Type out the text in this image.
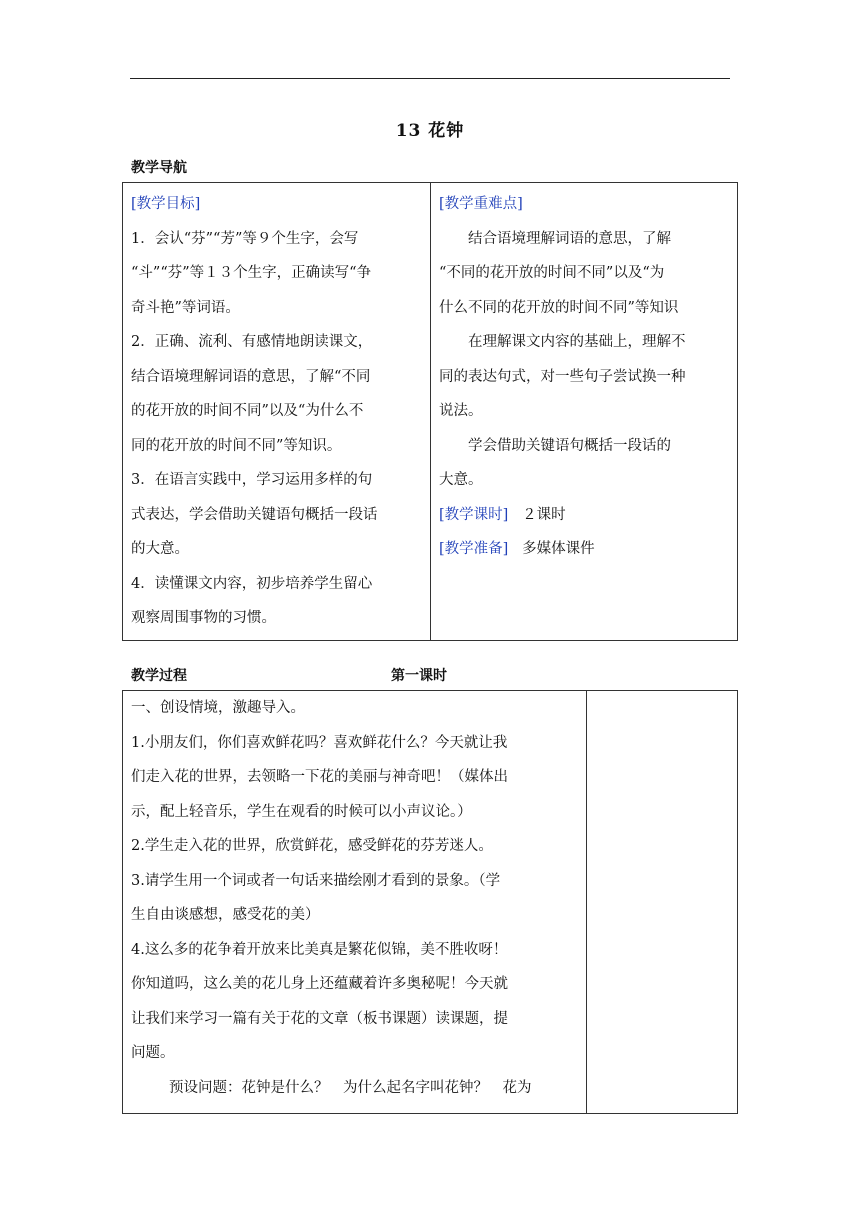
13 花钟
教学导航
[教学目标]
1．会认“芬”“芳”等９个生字，会写
“斗”“芬”等１３个生字，正确读写“争
奇斗艳”等词语。
2．正确、流利、有感情地朗读课文，
结合语境理解词语的意思，了解“不同
的花开放的时间不同”以及“为什么不
同的花开放的时间不同”等知识。
3．在语言实践中，学习运用多样的句
式表达，学会借助关键语句概括一段话
的大意。
4．读懂课文内容，初步培养学生留心
观察周围事物的习惯。

[教学重难点]
结合语境理解词语的意思，了解
“不同的花开放的时间不同”以及“为
什么不同的花开放的时间不同”等知识
在理解课文内容的基础上，理解不
同的表达句式，对一些句子尝试换一种
说法。
学会借助关键语句概括一段话的
大意。
[教学课时] ２课时
[教学准备] 多媒体课件
教学过程	第一课时
一、创设情境，激趣导入。
1.小朋友们，你们喜欢鲜花吗？喜欢鲜花什么？今天就让我
们走入花的世界，去领略一下花的美丽与神奇吧！（媒体出
示，配上轻音乐，学生在观看的时候可以小声议论。）
2.学生走入花的世界，欣赏鲜花，感受鲜花的芬芳迷人。
3.请学生用一个词或者一句话来描绘刚才看到的景象。（学
生自由谈感想，感受花的美）
4.这么多的花争着开放来比美真是繁花似锦，美不胜收呀！
你知道吗，这么美的花儿身上还蕴藏着许多奥秘呢！今天就
让我们来学习一篇有关于花的文章（板书课题）读课题，提
问题。
预设问题：花钟是什么？　为什么起名字叫花钟？　花为
